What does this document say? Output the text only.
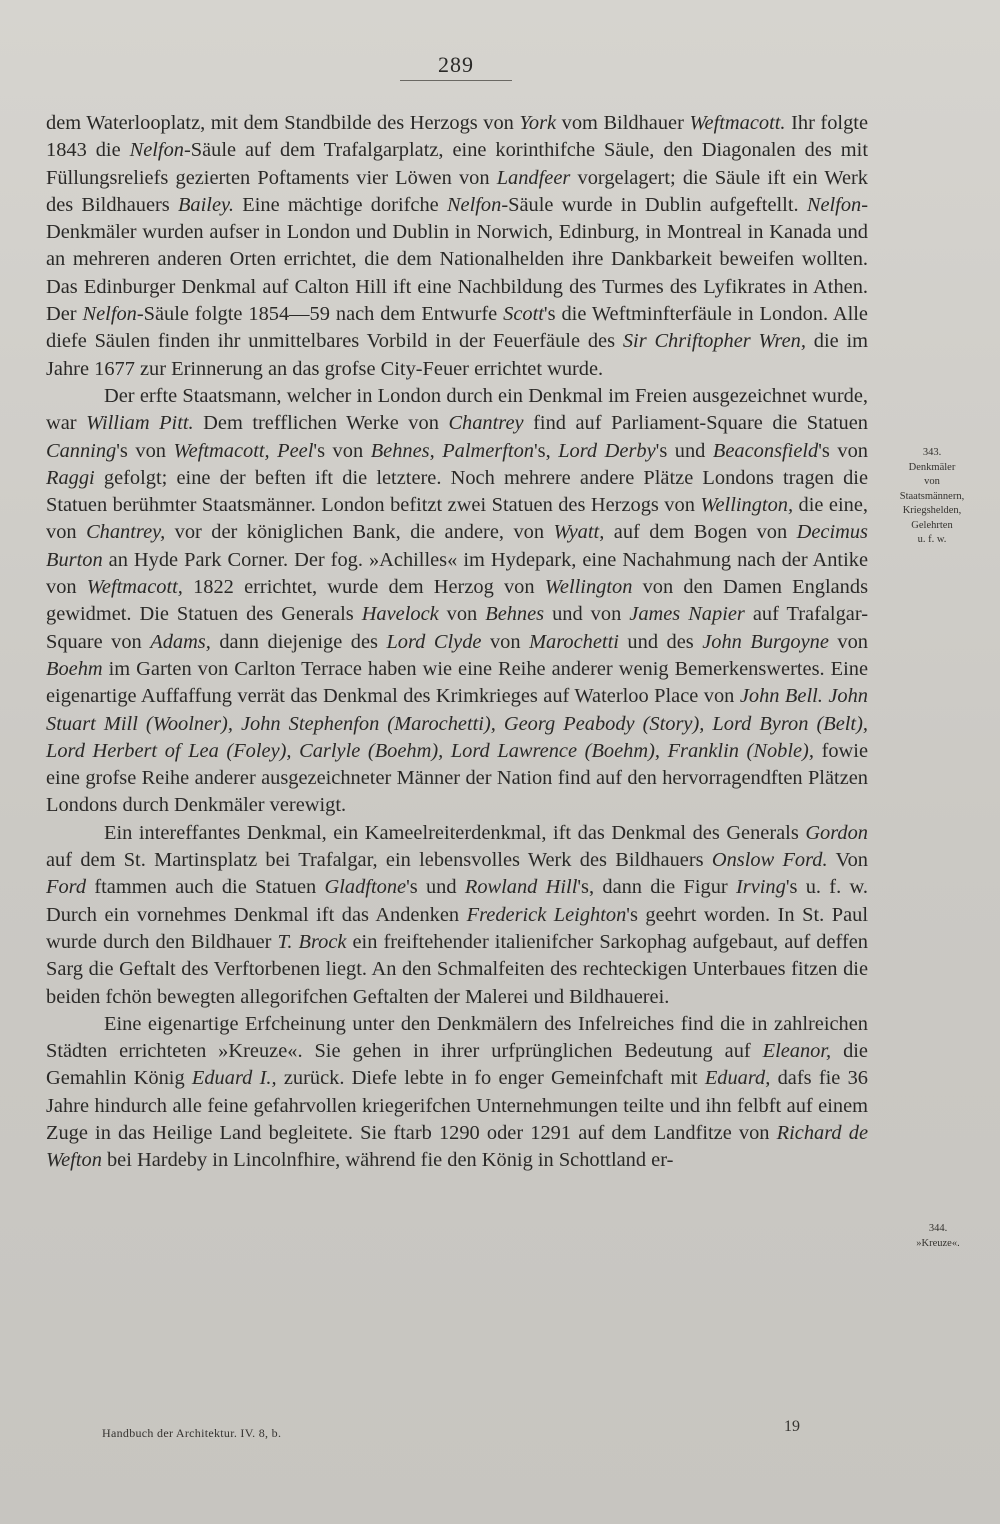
289

dem Waterlooplatz, mit dem Standbilde des Herzogs von York vom Bildhauer Weftmacott. Ihr folgte 1843 die Nelfon-Säule auf dem Trafalgarplatz, eine korinthifche Säule, den Diagonalen des mit Füllungsreliefs gezierten Poftaments vier Löwen von Landfeer vorgelagert; die Säule ift ein Werk des Bildhauers Bailey. Eine mächtige dorifche Nelfon-Säule wurde in Dublin aufgeftellt. Nelfon-Denkmäler wurden aufser in London und Dublin in Norwich, Edinburg, in Montreal in Kanada und an mehreren anderen Orten errichtet, die dem Nationalhelden ihre Dankbarkeit beweifen wollten. Das Edinburger Denkmal auf Calton Hill ift eine Nachbildung des Turmes des Lyfikrates in Athen. Der Nelfon-Säule folgte 1854—59 nach dem Entwurfe Scott's die Weftminfterfäule in London. Alle diefe Säulen finden ihr unmittelbares Vorbild in der Feuerfäule des Sir Chriftopher Wren, die im Jahre 1677 zur Erinnerung an das grofse City-Feuer errichtet wurde.

Der erfte Staatsmann, welcher in London durch ein Denkmal im Freien ausgezeichnet wurde, war William Pitt. Dem trefflichen Werke von Chantrey find auf Parliament-Square die Statuen Canning's von Weftmacott, Peel's von Behnes, Palmerfton's, Lord Derby's und Beaconsfield's von Raggi gefolgt; eine der beften ift die letztere. Noch mehrere andere Plätze Londons tragen die Statuen berühmter Staatsmänner. London befitzt zwei Statuen des Herzogs von Wellington, die eine, von Chantrey, vor der königlichen Bank, die andere, von Wyatt, auf dem Bogen von Decimus Burton an Hyde Park Corner. Der fog. »Achilles« im Hydepark, eine Nachahmung nach der Antike von Weftmacott, 1822 errichtet, wurde dem Herzog von Wellington von den Damen Englands gewidmet. Die Statuen des Generals Havelock von Behnes und von James Napier auf Trafalgar-Square von Adams, dann diejenige des Lord Clyde von Marochetti und des John Burgoyne von Boehm im Garten von Carlton Terrace haben wie eine Reihe anderer wenig Bemerkenswertes. Eine eigenartige Auffaffung verrät das Denkmal des Krimkrieges auf Waterloo Place von John Bell. John Stuart Mill (Woolner), John Stephenfon (Marochetti), Georg Peabody (Story), Lord Byron (Belt), Lord Herbert of Lea (Foley), Carlyle (Boehm), Lord Lawrence (Boehm), Franklin (Noble), fowie eine grofse Reihe anderer ausgezeichneter Männer der Nation find auf den hervorragendften Plätzen Londons durch Denkmäler verewigt.

Ein intereffantes Denkmal, ein Kameelreiterdenkmal, ift das Denkmal des Generals Gordon auf dem St. Martinsplatz bei Trafalgar, ein lebensvolles Werk des Bildhauers Onslow Ford. Von Ford ftammen auch die Statuen Gladftone's und Rowland Hill's, dann die Figur Irving's u. f. w. Durch ein vornehmes Denkmal ift das Andenken Frederick Leighton's geehrt worden. In St. Paul wurde durch den Bildhauer T. Brock ein freiftehender italienifcher Sarkophag aufgebaut, auf deffen Sarg die Geftalt des Verftorbenen liegt. An den Schmalfeiten des rechteckigen Unterbaues fitzen die beiden fchön bewegten allegorifchen Geftalten der Malerei und Bildhauerei.

Eine eigenartige Erfcheinung unter den Denkmälern des Infelreiches find die in zahlreichen Städten errichteten »Kreuze«. Sie gehen in ihrer urfprünglichen Bedeutung auf Eleanor, die Gemahlin König Eduard I., zurück. Diefe lebte in fo enger Gemeinfchaft mit Eduard, dafs fie 36 Jahre hindurch alle feine gefahrvollen kriegerifchen Unternehmungen teilte und ihn felbft auf einem Zuge in das Heilige Land begleitete. Sie ftarb 1290 oder 1291 auf dem Landfitze von Richard de Wefton bei Hardeby in Lincolnfhire, während fie den König in Schottland er-

343.
Denkmäler
von
Staatsmännern,
Kriegshelden,
Gelehrten
u. f. w.
344.
»Kreuze«.
Handbuch der Architektur. IV. 8, b.	19
